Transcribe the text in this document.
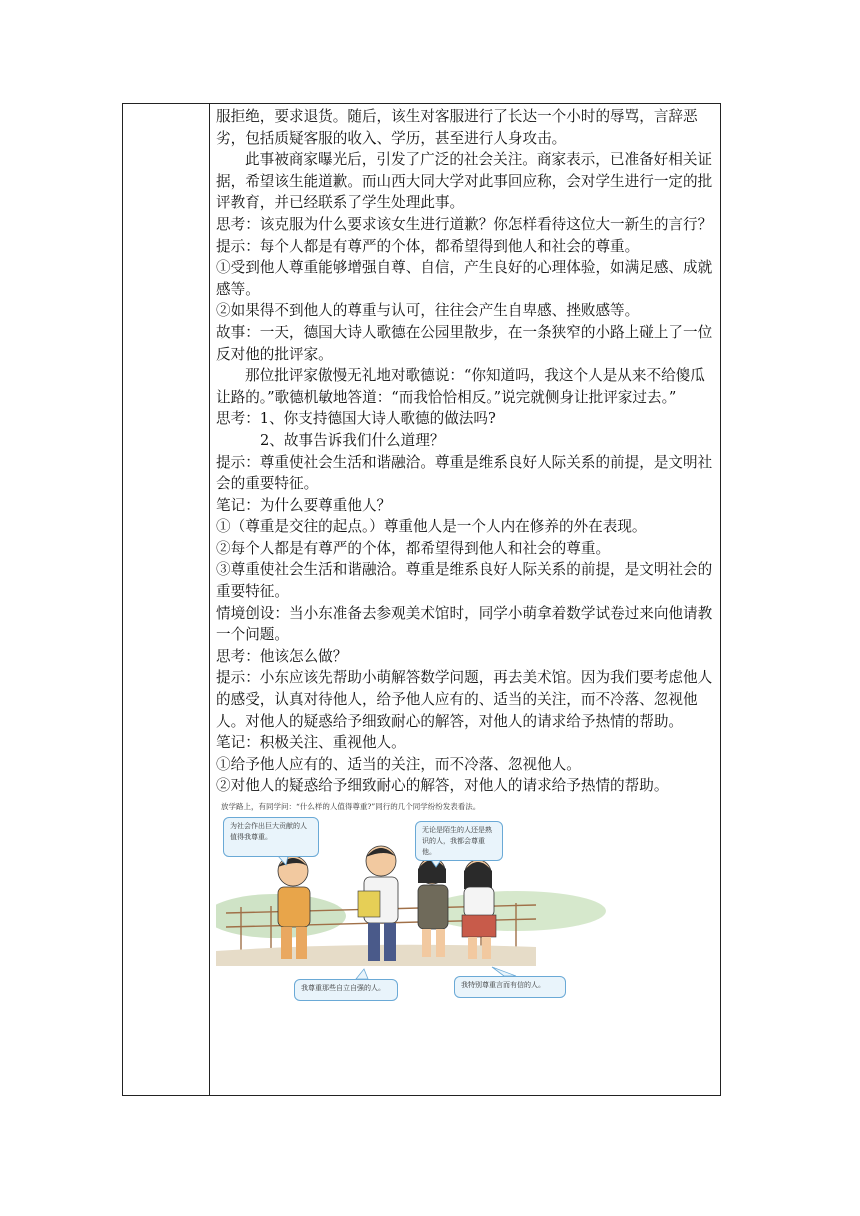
服拒绝，要求退货。随后，该生对客服进行了长达一个小时的辱骂，言辞恶劣，包括质疑客服的收入、学历，甚至进行人身攻击。

此事被商家曝光后，引发了广泛的社会关注。商家表示，已准备好相关证据，希望该生能道歉。而山西大同大学对此事回应称，会对学生进行一定的批评教育，并已经联系了学生处理此事。

思考：该克服为什么要求该女生进行道歉？你怎样看待这位大一新生的言行？

提示：每个人都是有尊严的个体，都希望得到他人和社会的尊重。

①受到他人尊重能够增强自尊、自信，产生良好的心理体验，如满足感、成就感等。

②如果得不到他人的尊重与认可，往往会产生自卑感、挫败感等。

故事：一天，德国大诗人歌德在公园里散步，在一条狭窄的小路上碰上了一位反对他的批评家。

那位批评家傲慢无礼地对歌德说：“你知道吗，我这个人是从来不给傻瓜让路的。”歌德机敏地答道：“而我恰恰相反。”说完就侧身让批评家过去。”

思考：1、你支持德国大诗人歌德的做法吗?

2、故事告诉我们什么道理？

提示：尊重使社会生活和谐融洽。尊重是维系良好人际关系的前提，是文明社会的重要特征。

笔记：为什么要尊重他人？

①（尊重是交往的起点。）尊重他人是一个人内在修养的外在表现。

②每个人都是有尊严的个体，都希望得到他人和社会的尊重。

③尊重使社会生活和谐融洽。尊重是维系良好人际关系的前提，是文明社会的重要特征。

情境创设：当小东准备去参观美术馆时，同学小萌拿着数学试卷过来向他请教一个问题。

思考：他该怎么做？

提示：小东应该先帮助小萌解答数学问题，再去美术馆。因为我们要考虑他人的感受，认真对待他人，给予他人应有的、适当的关注，而不冷落、忽视他人。对他人的疑惑给予细致耐心的解答，对他人的请求给予热情的帮助。

笔记：积极关注、重视他人。

①给予他人应有的、适当的关注，而不冷落、忽视他人。

②对他人的疑惑给予细致耐心的解答，对他人的请求给予热情的帮助。

放学路上，有同学问：“什么样的人值得尊重?”同行的几个同学纷纷发表看法。
为社会作出巨大贡献的人值得我尊重。
无论是陌生的人还是熟识的人，我都会尊重他。
我尊重那些自立自强的人。	我特别尊重言而有信的人。
